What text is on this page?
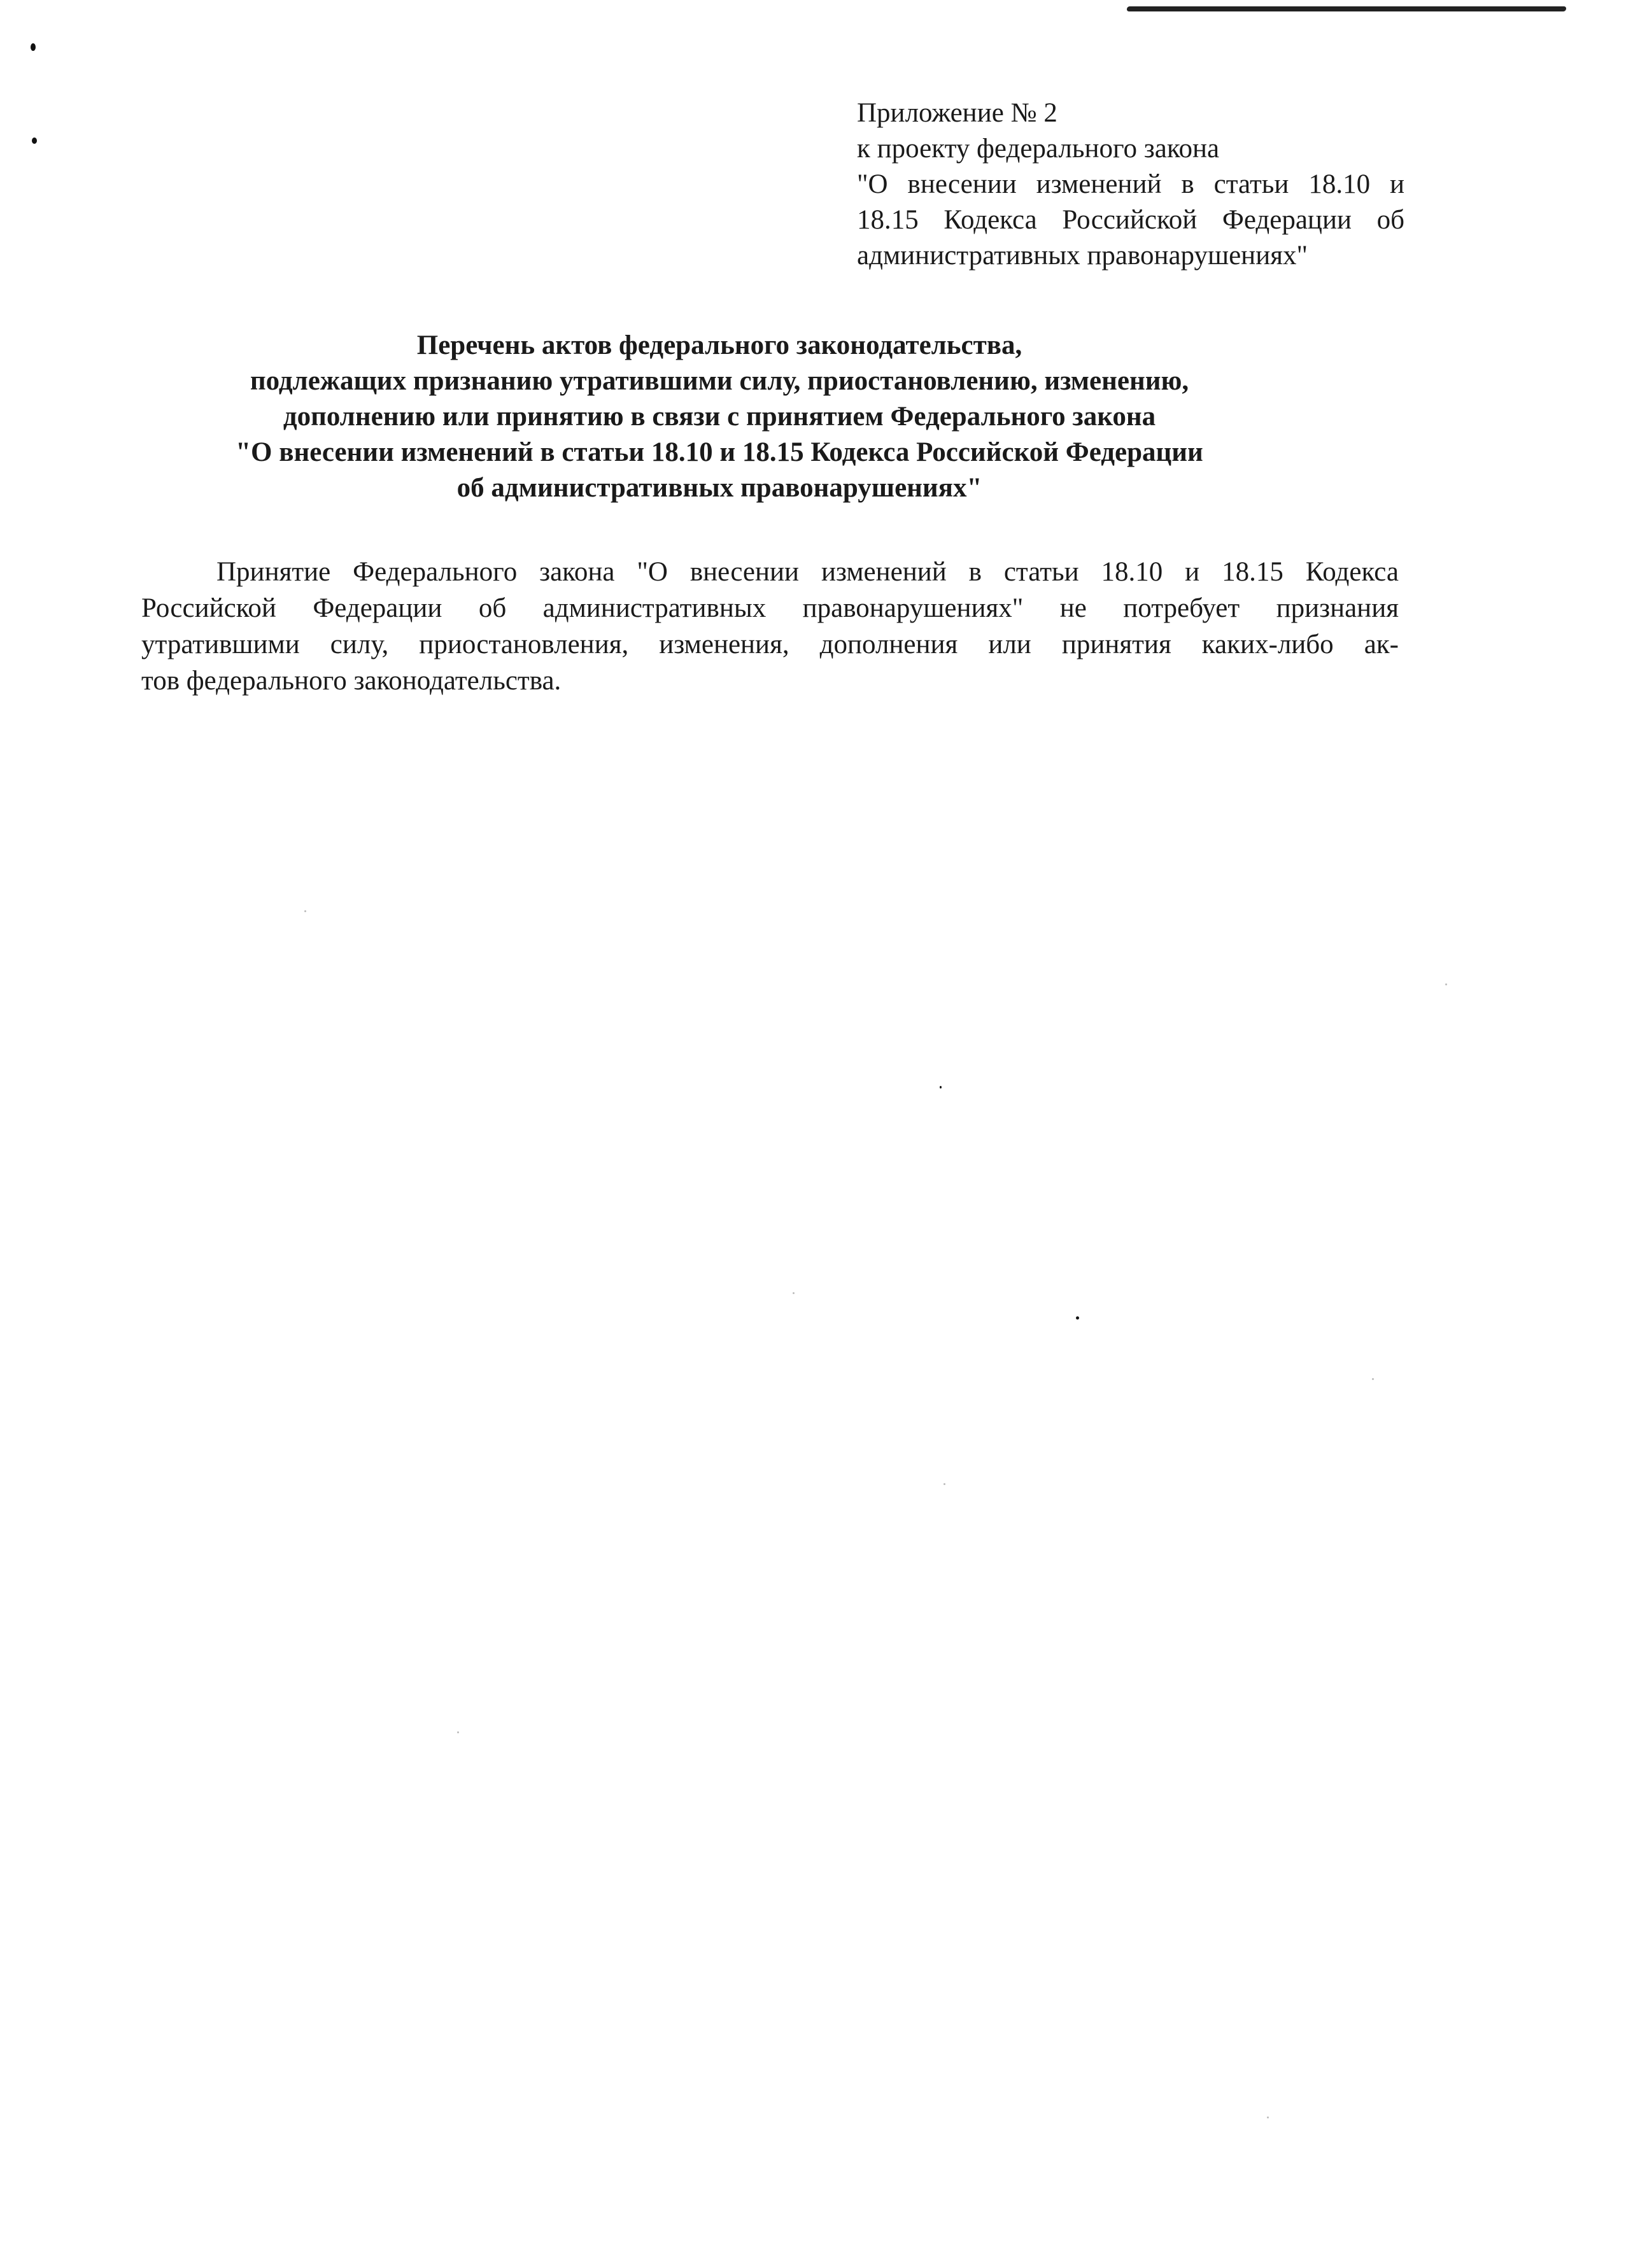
Приложение № 2
к проекту федерального закона
"О внесении изменений в статьи 18.10 и
18.15 Кодекса Российской Федерации об
административных правонарушениях"
Перечень актов федерального законодательства,
подлежащих признанию утратившими силу, приостановлению, изменению,
дополнению или принятию в связи с принятием Федерального закона
"О внесении изменений в статьи 18.10 и 18.15 Кодекса Российской Федерации
об административных правонарушениях"
Принятие Федерального закона "О внесении изменений в статьи 18.10 и 18.15 Кодекса
Российской Федерации об административных правонарушениях" не потребует признания
утратившими силу, приостановления, изменения, дополнения или принятия каких-либо ак-
тов федерального законодательства.
